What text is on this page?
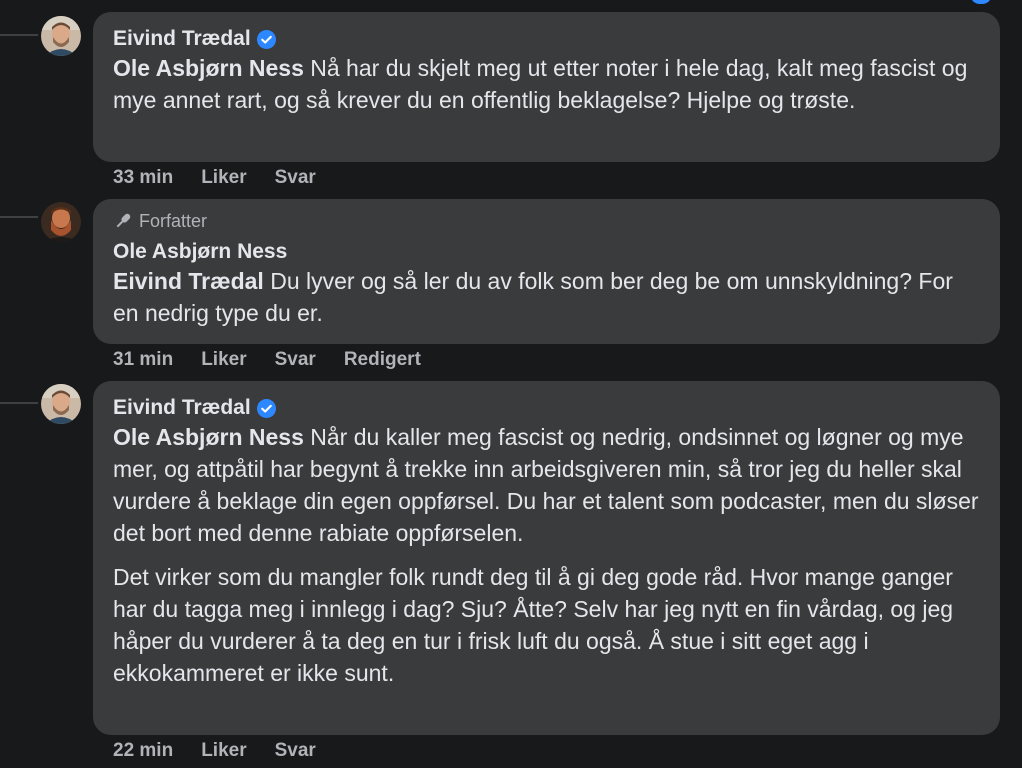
Eivind Trædal
Ole Asbjørn Ness Nå har du skjelt meg ut etter noter i hele dag, kalt meg fascist og mye annet rart, og så krever du en offentlig beklagelse? Hjelpe og trøste.
33 min Liker Svar
Forfatter
Ole Asbjørn Ness
Eivind Trædal Du lyver og så ler du av folk som ber deg be om unnskyldning? For en nedrig type du er.
31 min Liker Svar Redigert
Eivind Trædal

Ole Asbjørn Ness Når du kaller meg fascist og nedrig, ondsinnet og løgner og mye mer, og attpåtil har begynt å trekke inn arbeidsgiveren min, så tror jeg du heller skal vurdere å beklage din egen oppførsel. Du har et talent som podcaster, men du sløser det bort med denne rabiate oppførselen.

Det virker som du mangler folk rundt deg til å gi deg gode råd. Hvor mange ganger har du tagga meg i innlegg i dag? Sju? Åtte? Selv har jeg nytt en fin vårdag, og jeg håper du vurderer å ta deg en tur i frisk luft du også. Å stue i sitt eget agg i ekkokammeret er ikke sunt.

22 min Liker Svar
